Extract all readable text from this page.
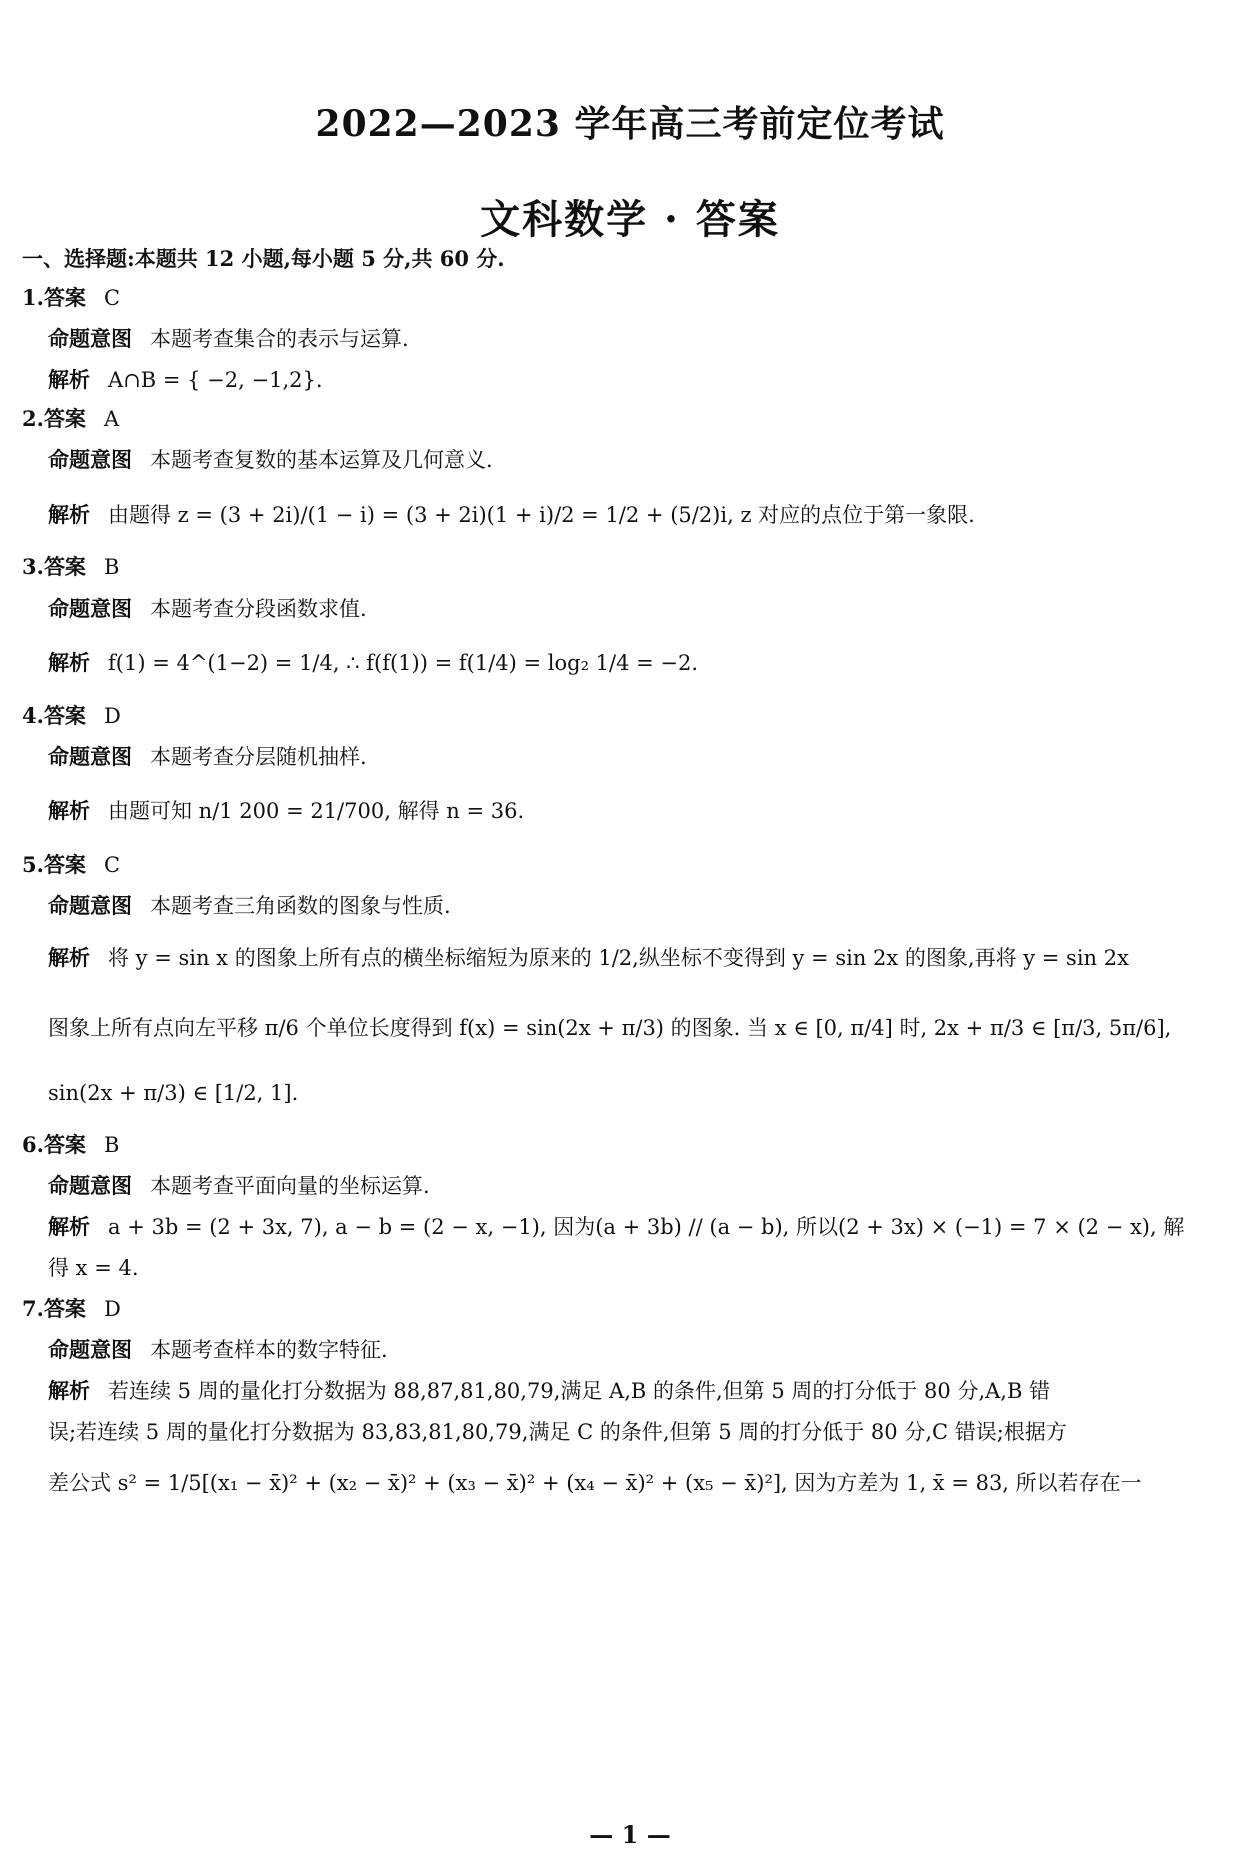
2022—2023 学年高三考前定位考试
文科数学 · 答案
一、选择题:本题共 12 小题,每小题 5 分,共 60 分.
1.答案 C
命题意图 本题考查集合的表示与运算.
解析 A∩B = { −2, −1,2}.
2.答案 A
命题意图 本题考查复数的基本运算及几何意义.
解析 由题得 z = (3 + 2i)/(1 − i) = (3 + 2i)(1 + i)/2 = 1/2 + (5/2)i, z 对应的点位于第一象限.
3.答案 B
命题意图 本题考查分段函数求值.
解析 f(1) = 4^(1−2) = 1/4, ∴ f(f(1)) = f(1/4) = log₂ 1/4 = −2.
4.答案 D
命题意图 本题考查分层随机抽样.
解析 由题可知 n/1 200 = 21/700, 解得 n = 36.
5.答案 C
命题意图 本题考查三角函数的图象与性质.
解析 将 y = sin x 的图象上所有点的横坐标缩短为原来的 1/2,纵坐标不变得到 y = sin 2x 的图象,再将 y = sin 2x
图象上所有点向左平移 π/6 个单位长度得到 f(x) = sin(2x + π/3) 的图象. 当 x ∈ [0, π/4] 时, 2x + π/3 ∈ [π/3, 5π/6],
sin(2x + π/3) ∈ [1/2, 1].
6.答案 B
命题意图 本题考查平面向量的坐标运算.
解析 a + 3b = (2 + 3x, 7), a − b = (2 − x, −1), 因为(a + 3b) // (a − b), 所以(2 + 3x) × (−1) = 7 × (2 − x), 解
得 x = 4.
7.答案 D
命题意图 本题考查样本的数字特征.
解析 若连续 5 周的量化打分数据为 88,87,81,80,79,满足 A,B 的条件,但第 5 周的打分低于 80 分,A,B 错
误;若连续 5 周的量化打分数据为 83,83,81,80,79,满足 C 的条件,但第 5 周的打分低于 80 分,C 错误;根据方
差公式 s² = 1/5[(x₁ − x̄)² + (x₂ − x̄)² + (x₃ − x̄)² + (x₄ − x̄)² + (x₅ − x̄)²], 因为方差为 1, x̄ = 83, 所以若存在一
— 1 —
